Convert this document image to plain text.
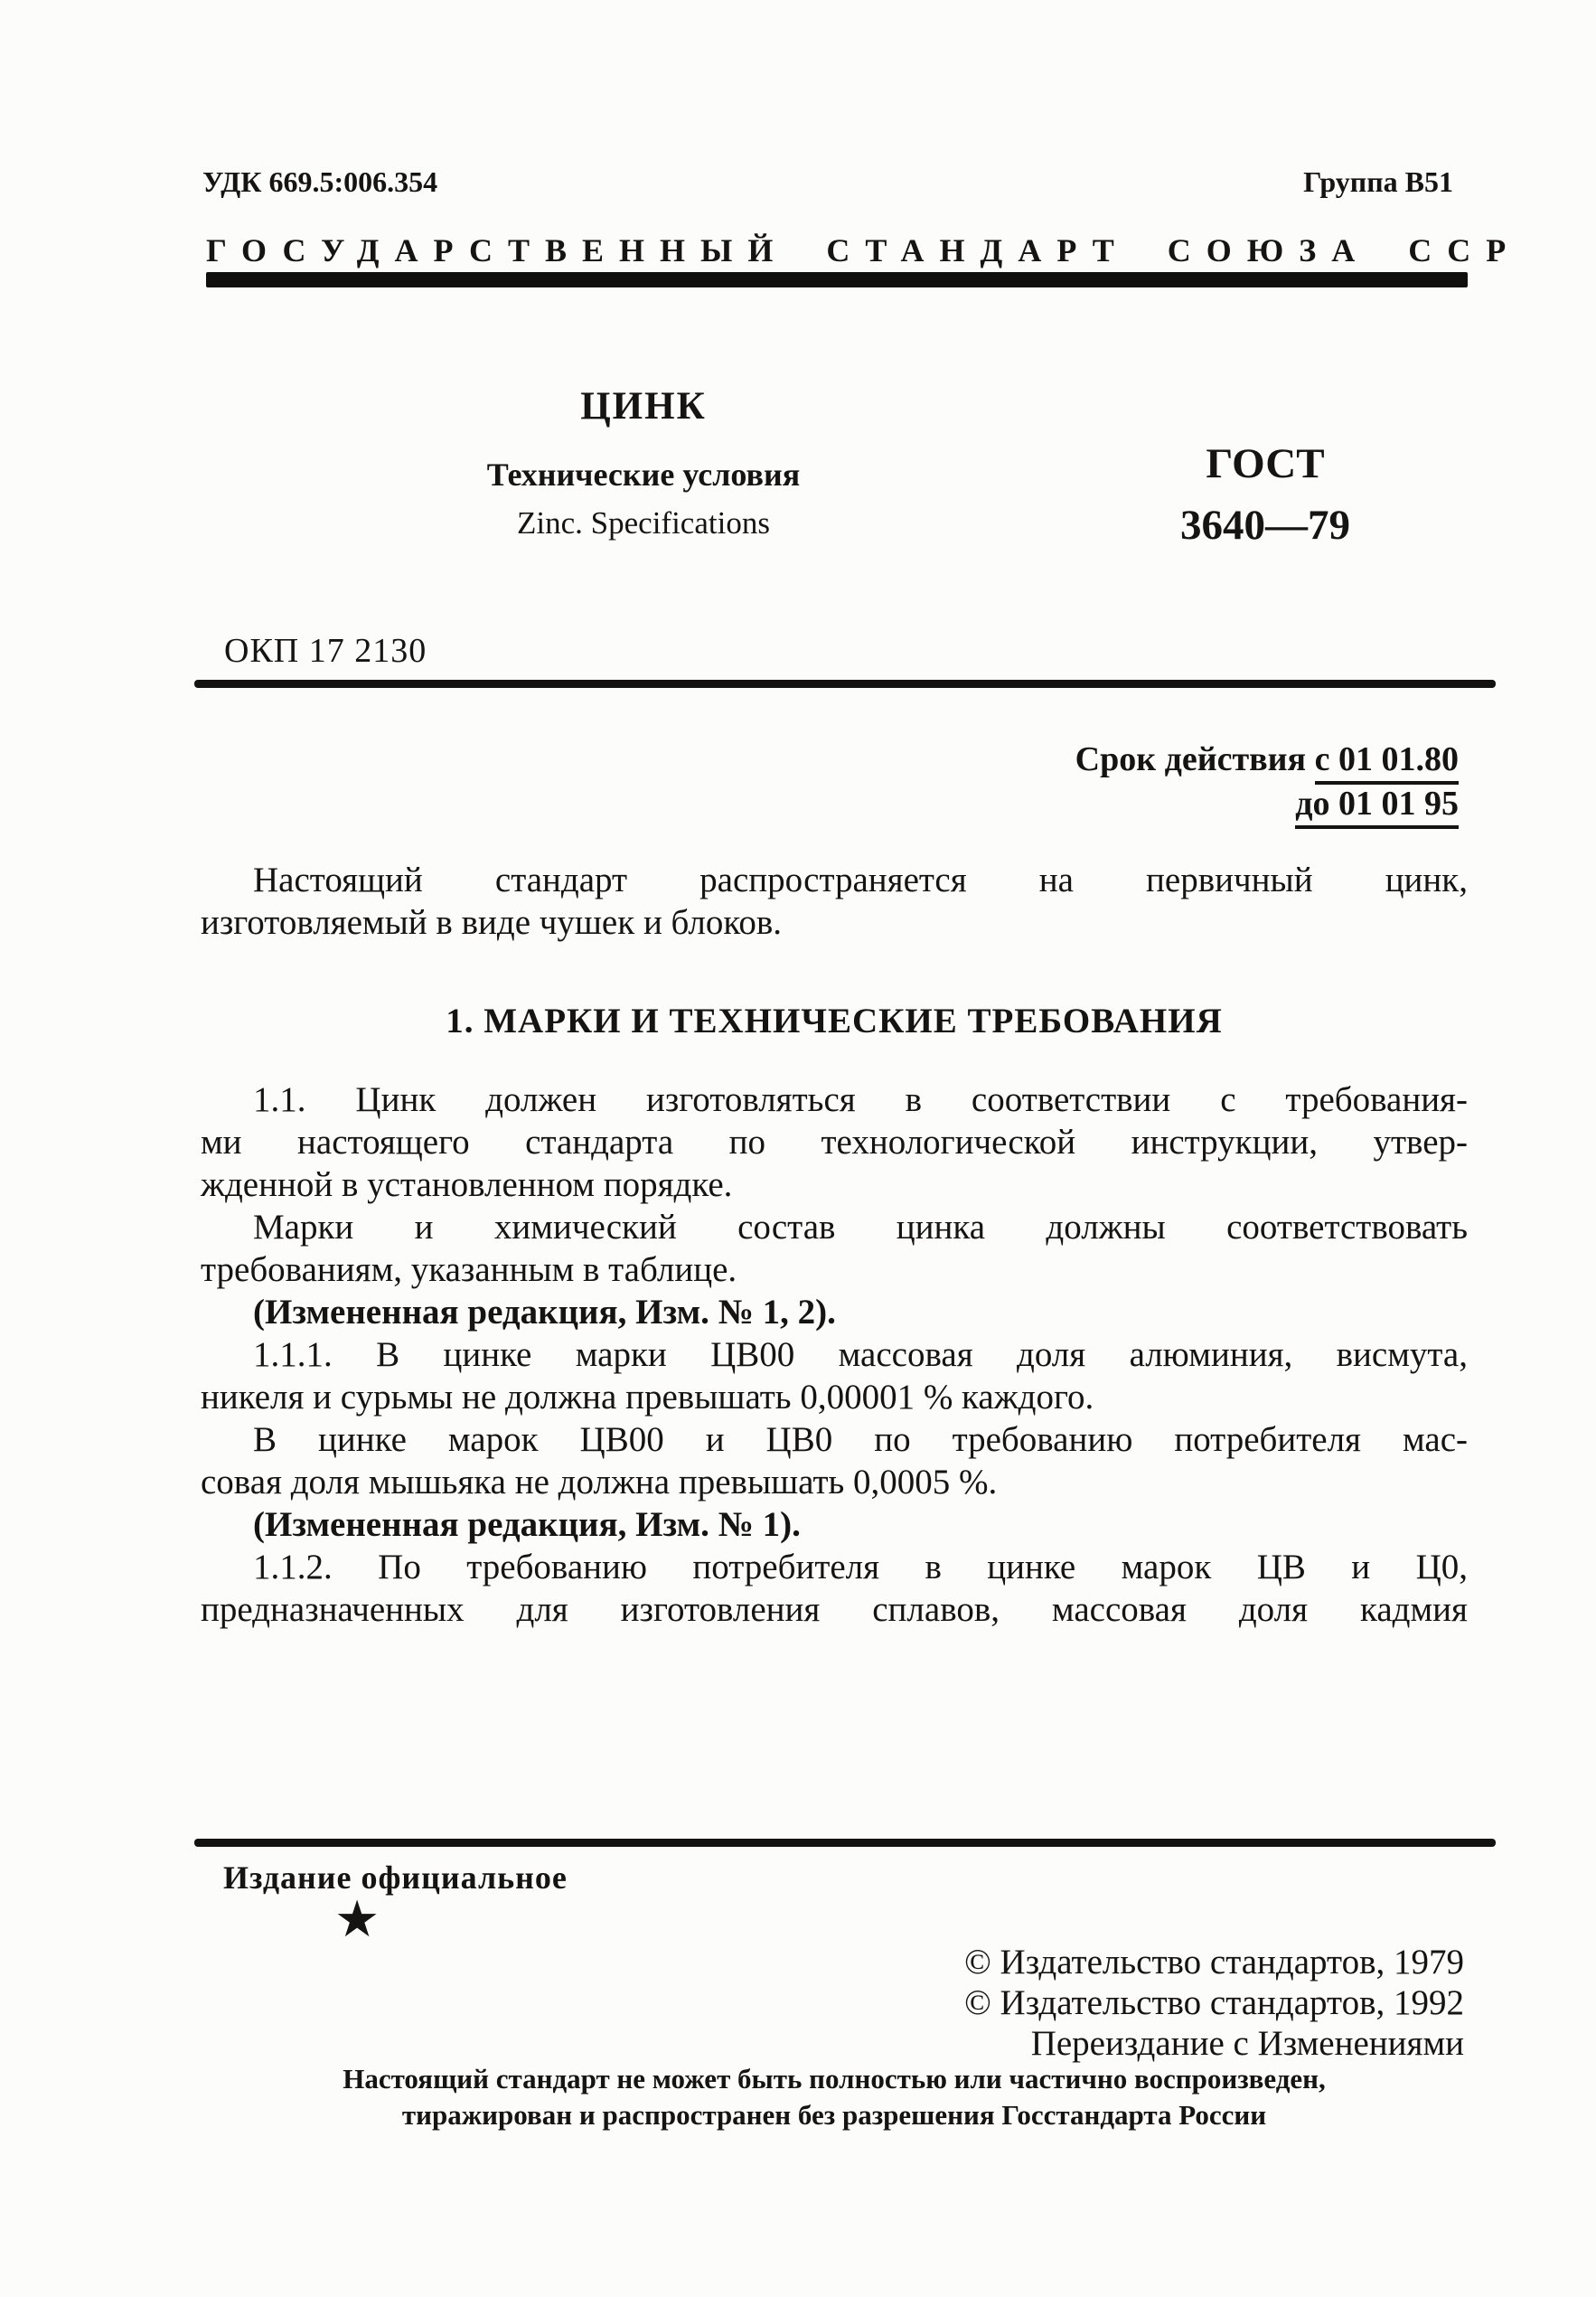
УДК 669.5:006.354	Группа В51
ГОСУДАРСТВЕННЫЙ СТАНДАРТ СОЮЗА ССР
ЦИНК
Технические условия
Zinc. Specifications
ГОСТ
3640—79
ОКП 17 2130
Срок действия с 01 01.80
до 01 01 95

Настоящий стандарт распространяется на первичный цинк,
изготовляемый в виде чушек и блоков.

1. МАРКИ И ТЕХНИЧЕСКИЕ ТРЕБОВАНИЯ

1.1. Цинк должен изготовляться в соответствии с требования-
ми настоящего стандарта по технологической инструкции, утвер-
жденной в установленном порядке.

Марки и химический состав цинка должны соответствовать
требованиям, указанным в таблице.

(Измененная редакция, Изм. № 1, 2).

1.1.1. В цинке марки ЦВ00 массовая доля алюминия, висмута,
никеля и сурьмы не должна превышать 0,00001 % каждого.

В цинке марок ЦВ00 и ЦВ0 по требованию потребителя мас-
совая доля мышьяка не должна превышать 0,0005 %.

(Измененная редакция, Изм. № 1).

1.1.2. По требованию потребителя в цинке марок ЦВ и Ц0,
предназначенных для изготовления сплавов, массовая доля кадмия

Издание официальное
★
© Издательство стандартов, 1979
© Издательство стандартов, 1992
Переиздание с Изменениями
Настоящий стандарт не может быть полностью или частично воспроизведен,
тиражирован и распространен без разрешения Госстандарта России
